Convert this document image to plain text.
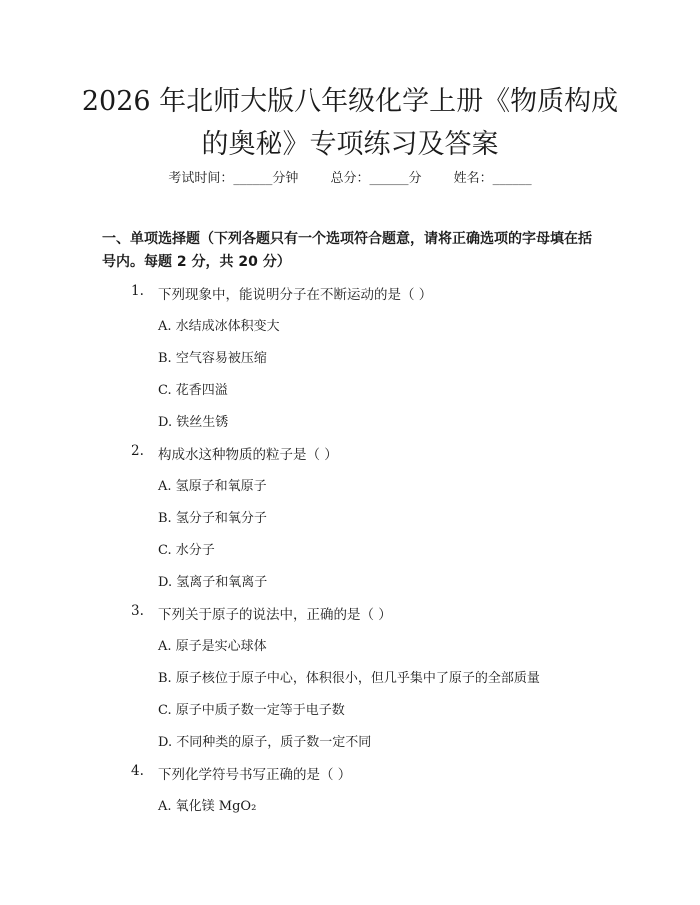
2026 年北师大版八年级化学上册《物质构成
的奥秘》专项练习及答案
考试时间：______分钟 总分：______分 姓名：______
一、单项选择题（下列各题只有一个选项符合题意，请将正确选项的字母填在括号内。每题 2 分，共 20 分）
1. 下列现象中，能说明分子在不断运动的是（ ）
A. 水结成冰体积变大
B. 空气容易被压缩
C. 花香四溢
D. 铁丝生锈
2. 构成水这种物质的粒子是（ ）
A. 氢原子和氧原子
B. 氢分子和氧分子
C. 水分子
D. 氢离子和氧离子
3. 下列关于原子的说法中，正确的是（ ）
A. 原子是实心球体
B. 原子核位于原子中心，体积很小，但几乎集中了原子的全部质量
C. 原子中质子数一定等于电子数
D. 不同种类的原子，质子数一定不同
4. 下列化学符号书写正确的是（ ）
A. 氧化镁 MgO₂
